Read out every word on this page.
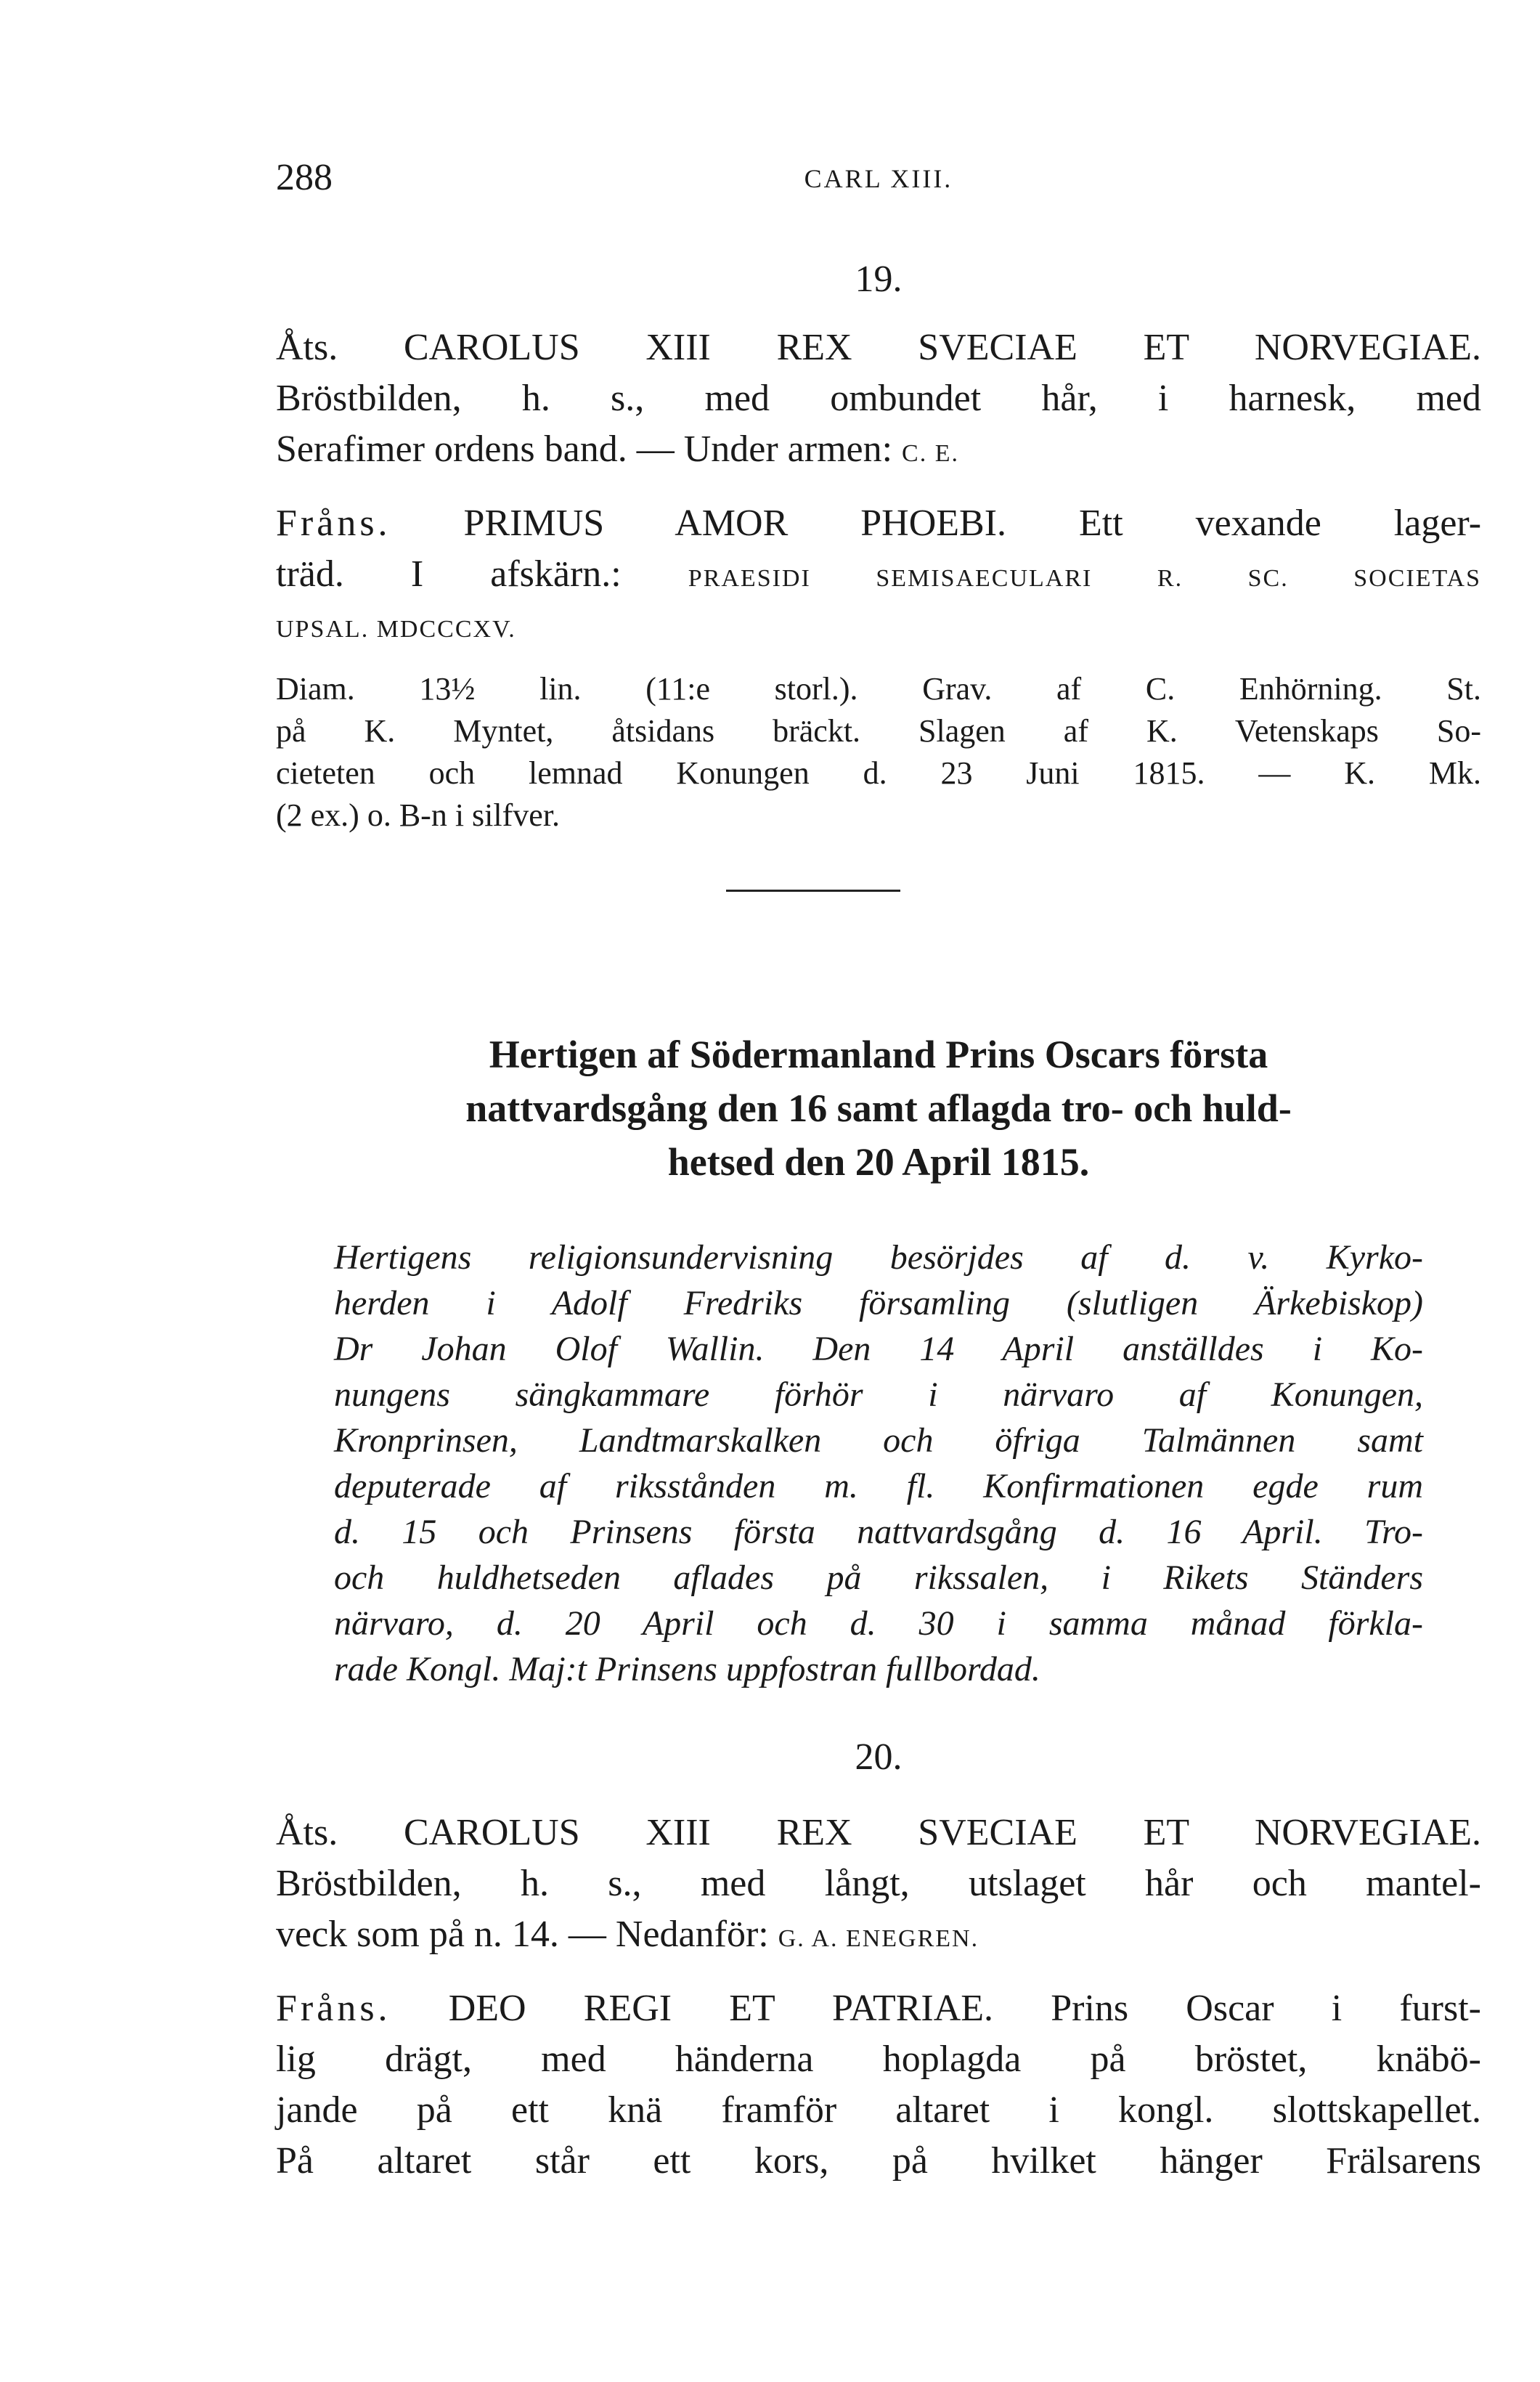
288	CARL XIII.
19.
Åts. CAROLUS XIII REX SVECIAE ET NORVEGIAE.
Bröstbilden, h. s., med ombundet hår, i harnesk, med
Serafimer ordens band. — Under armen: C. E.
Fråns. PRIMUS AMOR PHOEBI. Ett vexande lager-
träd. I afskärn.:	PRAESIDI SEMISAECULARI R. SC. SOCIETAS
UPSAL. MDCCCXV.
Diam. 13½ lin. (11:e storl.). Grav. af C. Enhörning. St.
på K. Myntet, åtsidans bräckt. Slagen af K. Vetenskaps So-
cieteten och lemnad Konungen d. 23 Juni 1815. — K. Mk.
(2 ex.) o. B-n i silfver.
Hertigen af Södermanland Prins Oscars första
nattvardsgång den 16 samt aflagda tro- och huld-
hetsed den 20 April 1815.
Hertigens religionsundervisning besörjdes af d. v. Kyrko-
herden i Adolf Fredriks församling (slutligen Ärkebiskop)
Dr Johan Olof Wallin. Den 14 April anställdes i Ko-
nungens sängkammare förhör i närvaro af Konungen,
Kronprinsen, Landtmarskalken och öfriga Talmännen samt
deputerade af riksstånden m. fl. Konfirmationen egde rum
d. 15 och Prinsens första nattvardsgång d. 16 April. Tro-
och huldhetseden aflades på rikssalen, i Rikets Ständers
närvaro, d. 20 April och d. 30 i samma månad förkla-
rade Kongl. Maj:t Prinsens uppfostran fullbordad.
20.
Åts. CAROLUS XIII REX SVECIAE ET NORVEGIAE.
Bröstbilden, h. s., med långt, utslaget hår och mantel-
veck som på n. 14. — Nedanför: G. A. ENEGREN.
Fråns. DEO REGI ET PATRIAE. Prins Oscar i furst-
lig drägt, med händerna hoplagda på bröstet, knäbö-
jande på ett knä framför altaret i kongl. slottskapellet.
På altaret står ett kors, på hvilket hänger Frälsarens
